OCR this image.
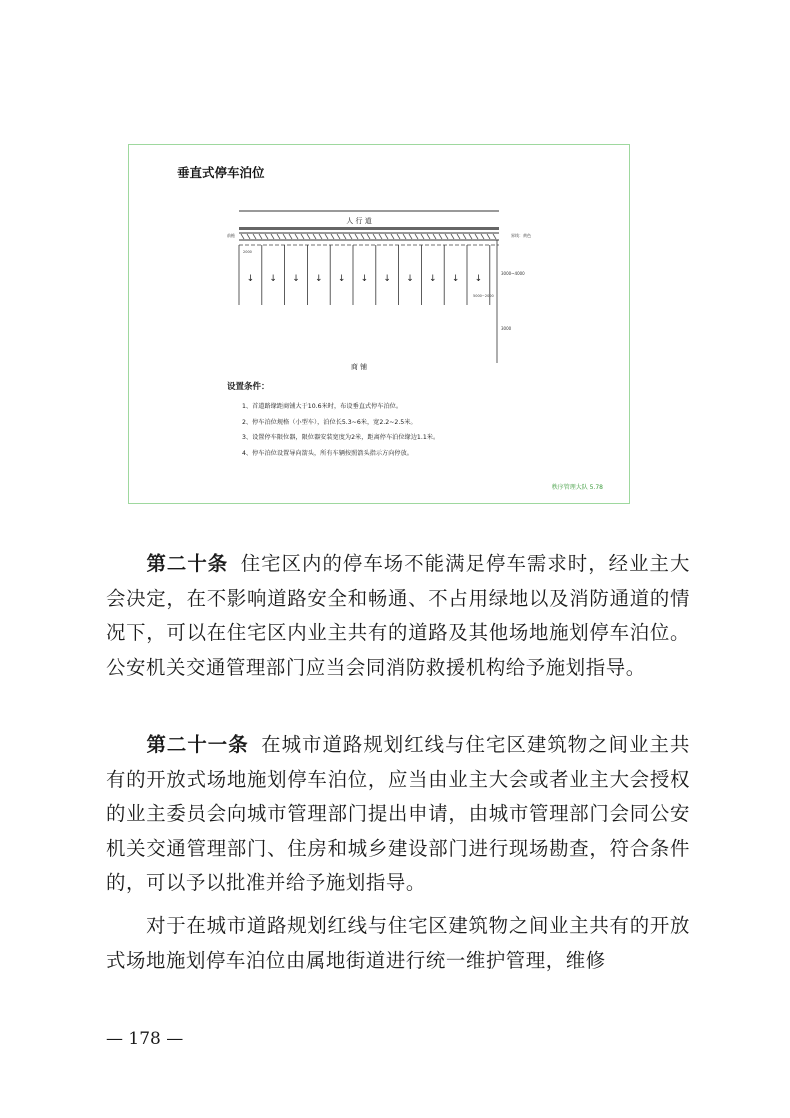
垂直式停车泊位
人 行 道
前檐	界线：黄色
2000
↓ ↓ ↓ ↓ ↓ ↓ ↓ ↓ ↓ ↓ ↓
3000~4000
5000~2000
3000
商 铺
设置条件：
1、首道路缘距商铺大于10.6米时，布设垂直式停车泊位。
2、停车泊位规格（小型车），泊位长5.3~6米，宽2.2~2.5米。
3、设置停车限位器，限位器安装宽度为2米，距离停车泊位缘边1.1米。
4、停车泊位设置导向箭头，所有车辆按照箭头指示方向停放。
秩序管理大队 5.78

第二十条 住宅区内的停车场不能满足停车需求时，经业主大会决定，在不影响道路安全和畅通、不占用绿地以及消防通道的情况下，可以在住宅区内业主共有的道路及其他场地施划停车泊位。公安机关交通管理部门应当会同消防救援机构给予施划指导。

第二十一条 在城市道路规划红线与住宅区建筑物之间业主共有的开放式场地施划停车泊位，应当由业主大会或者业主大会授权的业主委员会向城市管理部门提出申请，由城市管理部门会同公安机关交通管理部门、住房和城乡建设部门进行现场勘查，符合条件的，可以予以批准并给予施划指导。

对于在城市道路规划红线与住宅区建筑物之间业主共有的开放式场地施划停车泊位由属地街道进行统一维护管理，维修

— 178 —
